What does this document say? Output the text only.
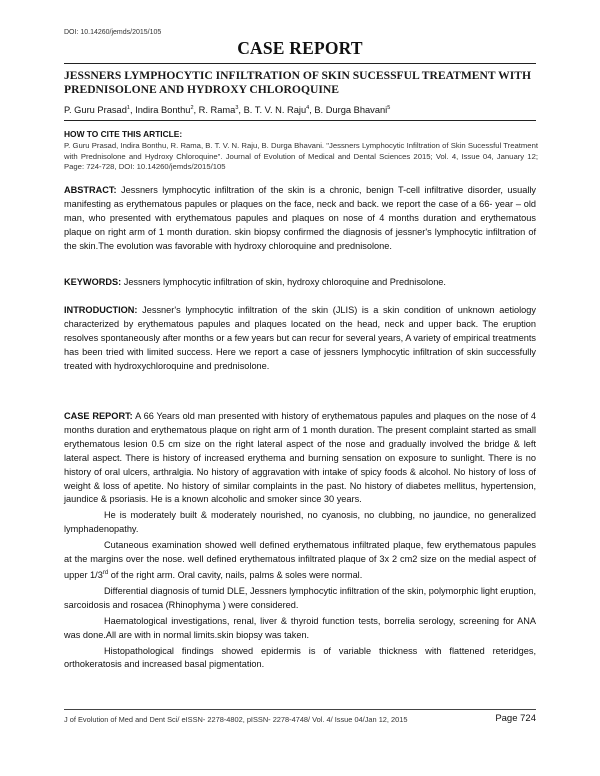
DOI: 10.14260/jemds/2015/105
CASE REPORT
JESSNERS LYMPHOCYTIC INFILTRATION OF SKIN SUCESSFUL TREATMENT WITH PREDNISOLONE AND HYDROXY CHLOROQUINE
P. Guru Prasad$^1$, Indira Bonthu$^2$, R. Rama$^3$, B. T. V. N. Raju$^4$, B. Durga Bhavani$^5$
HOW TO CITE THIS ARTICLE:
P. Guru Prasad, Indira Bonthu, R. Rama, B. T. V. N. Raju, B. Durga Bhavani. "Jessners Lymphocytic Infiltration of Skin Sucessful Treatment with Prednisolone and Hydroxy Chloroquine". Journal of Evolution of Medical and Dental Sciences 2015; Vol. 4, Issue 04, January 12; Page: 724-728, DOI: 10.14260/jemds/2015/105
ABSTRACT: Jessners lymphocytic infiltration of the skin is a chronic, benign T-cell infiltrative disorder, usually manifesting as erythematous papules or plaques on the face, neck and back. we report the case of a 66- year – old man, who presented with erythematous papules and plaques on nose of 4 months duration and erythematous plaque on right arm of 1 month duration. skin biopsy confirmed the diagnosis of jessner's lymphocytic infiltration of the skin.The evolution was favorable with hydroxy chloroquine and prednisolone.
KEYWORDS: Jessners lymphocytic infiltration of skin, hydroxy chloroquine and Prednisolone.
INTRODUCTION: Jessner's lymphocytic infiltration of the skin (JLIS) is a skin condition of unknown aetiology characterized by erythematous papules and plaques located on the head, neck and upper back. The eruption resolves spontaneously after months or a few years but can recur for several years, A variety of empirical treatments has been tried with limited success. Here we report a case of jessners lymphocytic infiltration of skin successfully treated with hydroxychloroquine and prednisolone.
CASE REPORT: A 66 Years old man presented with history of erythematous papules and plaques on the nose of 4 months duration and erythematous plaque on right arm of 1 month duration. The present complaint started as small erythematous lesion 0.5 cm size on the right lateral aspect of the nose and gradually involved the bridge & left lateral aspect. There is history of increased erythema and burning sensation on exposure to sunlight. There is no history of oral ulcers, arthralgia. No history of aggravation with intake of spicy foods & alcohol. No history of loss of weight & loss of apetite. No history of similar complaints in the past. No history of diabetes mellitus, hypertension, jaundice & psoriasis. He is a known alcoholic and smoker since 30 years.
He is moderately built & moderately nourished, no cyanosis, no clubbing, no jaundice, no generalized lymphadenopathy.
Cutaneous examination showed well defined erythematous infiltrated plaque, few erythematous papules at the margins over the nose. well defined erythematous infiltrated plaque of 3x 2 cm2 size on the medial aspect of upper 1/3rd of the right arm. Oral cavity, nails, palms & soles were normal.
Differential diagnosis of tumid DLE, Jessners lymphocytic infiltration of the skin, polymorphic light eruption, sarcoidosis and rosacea (Rhinophyma ) were considered.
Haematological investigations, renal, liver & thyroid function tests, borrelia serology, screening for ANA was done.All are with in normal limits.skin biopsy was taken.
Histopathological findings showed epidermis is of variable thickness with flattened reteridges, orthokeratosis and increased basal pigmentation.
J of Evolution of Med and Dent Sci/ eISSN- 2278-4802, pISSN- 2278-4748/ Vol. 4/ Issue 04/Jan 12, 2015	Page 724
